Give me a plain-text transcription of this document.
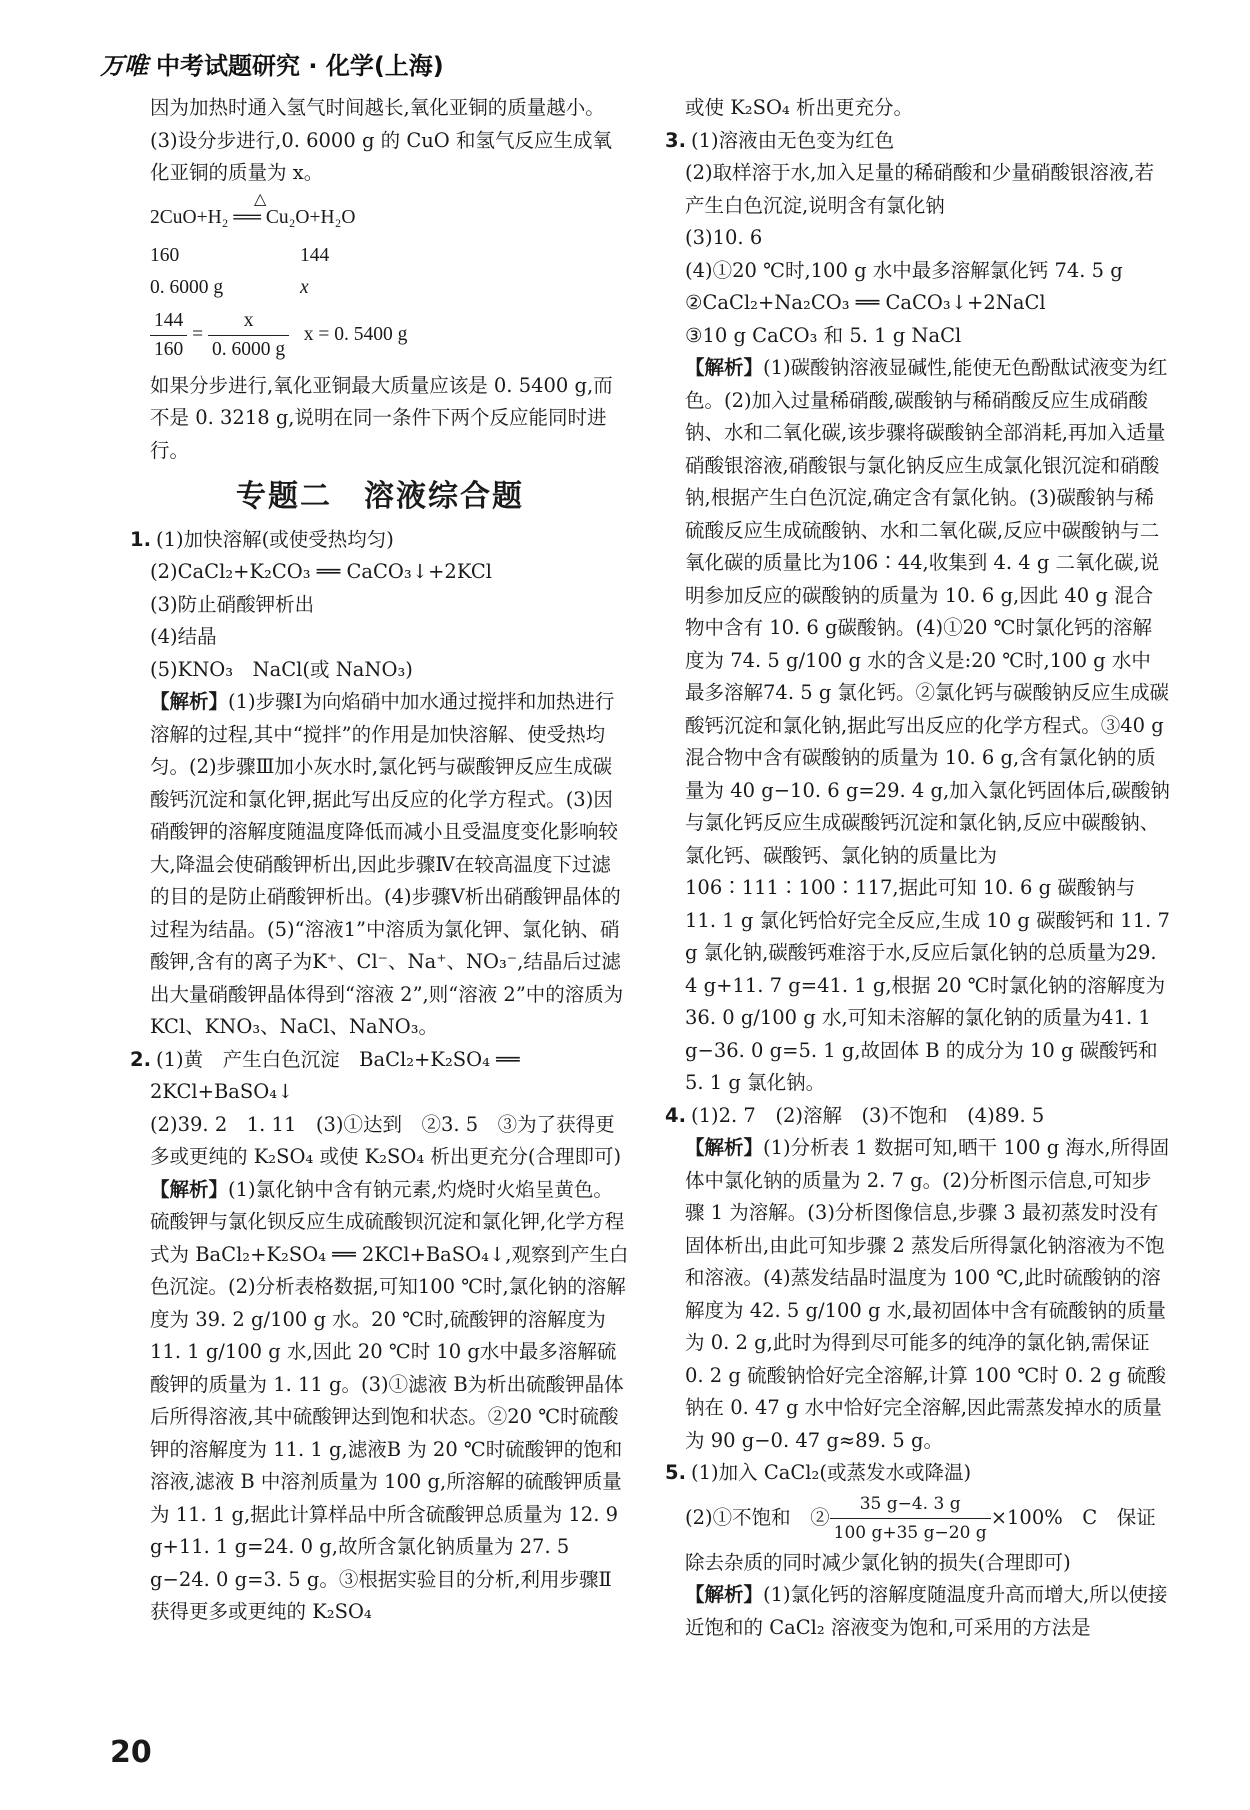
万唯 中考试题研究 · 化学(上海)

因为加热时通入氢气时间越长,氧化亚铜的质量越小。

(3)设分步进行,0. 6000 g 的 CuO 和氢气反应生成氧化亚铜的质量为 x。

△
2CuO+H₂ ══ Cu₂O+H₂O
160	144
0. 6000 g	x
$\frac{144}{160} = \frac{x}{0. 6000 g}$ x = 0. 5400 g

如果分步进行,氧化亚铜最大质量应该是 0. 5400 g,而不是 0. 3218 g,说明在同一条件下两个反应能同时进行。

专题二　溶液综合题
1. (1)加快溶解(或使受热均匀)

(2)CaCl₂+K₂CO₃ ══ CaCO₃↓+2KCl

(3)防止硝酸钾析出

(4)结晶

(5)KNO₃　NaCl(或 NaNO₃)

【解析】(1)步骤Ⅰ为向焰硝中加水通过搅拌和加热进行溶解的过程,其中“搅拌”的作用是加快溶解、使受热均匀。(2)步骤Ⅲ加小灰水时,氯化钙与碳酸钾反应生成碳酸钙沉淀和氯化钾,据此写出反应的化学方程式。(3)因硝酸钾的溶解度随温度降低而减小且受温度变化影响较大,降温会使硝酸钾析出,因此步骤Ⅳ在较高温度下过滤的目的是防止硝酸钾析出。(4)步骤Ⅴ析出硝酸钾晶体的过程为结晶。(5)“溶液1”中溶质为氯化钾、氯化钠、硝酸钾,含有的离子为K⁺、Cl⁻、Na⁺、NO₃⁻,结晶后过滤出大量硝酸钾晶体得到“溶液 2”,则“溶液 2”中的溶质为 KCl、KNO₃、NaCl、NaNO₃。

2. (1)黄　产生白色沉淀　BaCl₂+K₂SO₄ ══ 2KCl+BaSO₄↓

(2)39. 2　1. 11　(3)①达到　②3. 5　③为了获得更多或更纯的 K₂SO₄ 或使 K₂SO₄ 析出更充分(合理即可)

【解析】(1)氯化钠中含有钠元素,灼烧时火焰呈黄色。硫酸钾与氯化钡反应生成硫酸钡沉淀和氯化钾,化学方程式为 BaCl₂+K₂SO₄ ══ 2KCl+BaSO₄↓,观察到产生白色沉淀。(2)分析表格数据,可知100 ℃时,氯化钠的溶解度为 39. 2 g/100 g 水。20 ℃时,硫酸钾的溶解度为 11. 1 g/100 g 水,因此 20 ℃时 10 g水中最多溶解硫酸钾的质量为 1. 11 g。(3)①滤液 B为析出硫酸钾晶体后所得溶液,其中硫酸钾达到饱和状态。②20 ℃时硫酸钾的溶解度为 11. 1 g,滤液B 为 20 ℃时硫酸钾的饱和溶液,滤液 B 中溶剂质量为 100 g,所溶解的硫酸钾质量为 11. 1 g,据此计算样品中所含硫酸钾总质量为 12. 9 g+11. 1 g=24. 0 g,故所含氯化钠质量为 27. 5 g−24. 0 g=3. 5 g。③根据实验目的分析,利用步骤Ⅱ获得更多或更纯的 K₂SO₄

或使 K₂SO₄ 析出更充分。

3. (1)溶液由无色变为红色

(2)取样溶于水,加入足量的稀硝酸和少量硝酸银溶液,若产生白色沉淀,说明含有氯化钠

(3)10. 6

(4)①20 ℃时,100 g 水中最多溶解氯化钙 74. 5 g

②CaCl₂+Na₂CO₃ ══ CaCO₃↓+2NaCl

③10 g CaCO₃ 和 5. 1 g NaCl

【解析】(1)碳酸钠溶液显碱性,能使无色酚酞试液变为红色。(2)加入过量稀硝酸,碳酸钠与稀硝酸反应生成硝酸钠、水和二氧化碳,该步骤将碳酸钠全部消耗,再加入适量硝酸银溶液,硝酸银与氯化钠反应生成氯化银沉淀和硝酸钠,根据产生白色沉淀,确定含有氯化钠。(3)碳酸钠与稀硫酸反应生成硫酸钠、水和二氧化碳,反应中碳酸钠与二氧化碳的质量比为106∶44,收集到 4. 4 g 二氧化碳,说明参加反应的碳酸钠的质量为 10. 6 g,因此 40 g 混合物中含有 10. 6 g碳酸钠。(4)①20 ℃时氯化钙的溶解度为 74. 5 g/100 g 水的含义是:20 ℃时,100 g 水中最多溶解74. 5 g 氯化钙。②氯化钙与碳酸钠反应生成碳酸钙沉淀和氯化钠,据此写出反应的化学方程式。③40 g混合物中含有碳酸钠的质量为 10. 6 g,含有氯化钠的质量为 40 g−10. 6 g=29. 4 g,加入氯化钙固体后,碳酸钠与氯化钙反应生成碳酸钙沉淀和氯化钠,反应中碳酸钠、氯化钙、碳酸钙、氯化钠的质量比为 106∶111∶100∶117,据此可知 10. 6 g 碳酸钠与 11. 1 g 氯化钙恰好完全反应,生成 10 g 碳酸钙和 11. 7 g 氯化钠,碳酸钙难溶于水,反应后氯化钠的总质量为29. 4 g+11. 7 g=41. 1 g,根据 20 ℃时氯化钠的溶解度为36. 0 g/100 g 水,可知未溶解的氯化钠的质量为41. 1 g−36. 0 g=5. 1 g,故固体 B 的成分为 10 g 碳酸钙和5. 1 g 氯化钠。

4. (1)2. 7　(2)溶解　(3)不饱和　(4)89. 5

【解析】(1)分析表 1 数据可知,晒干 100 g 海水,所得固体中氯化钠的质量为 2. 7 g。(2)分析图示信息,可知步骤 1 为溶解。(3)分析图像信息,步骤 3 最初蒸发时没有固体析出,由此可知步骤 2 蒸发后所得氯化钠溶液为不饱和溶液。(4)蒸发结晶时温度为 100 ℃,此时硫酸钠的溶解度为 42. 5 g/100 g 水,最初固体中含有硫酸钠的质量为 0. 2 g,此时为得到尽可能多的纯净的氯化钠,需保证 0. 2 g 硫酸钠恰好完全溶解,计算 100 ℃时 0. 2 g 硫酸钠在 0. 47 g 水中恰好完全溶解,因此需蒸发掉水的质量为 90 g−0. 47 g≈89. 5 g。

5. (1)加入 CaCl₂(或蒸发水或降温)

(2)①不饱和　② $\frac{35 g-4. 3 g}{100 g+35 g-20 g} \times 100\%$　C　保证除去杂质的同时减少氯化钠的损失(合理即可)

【解析】(1)氯化钙的溶解度随温度升高而增大,所以使接近饱和的 CaCl₂ 溶液变为饱和,可采用的方法是

20
